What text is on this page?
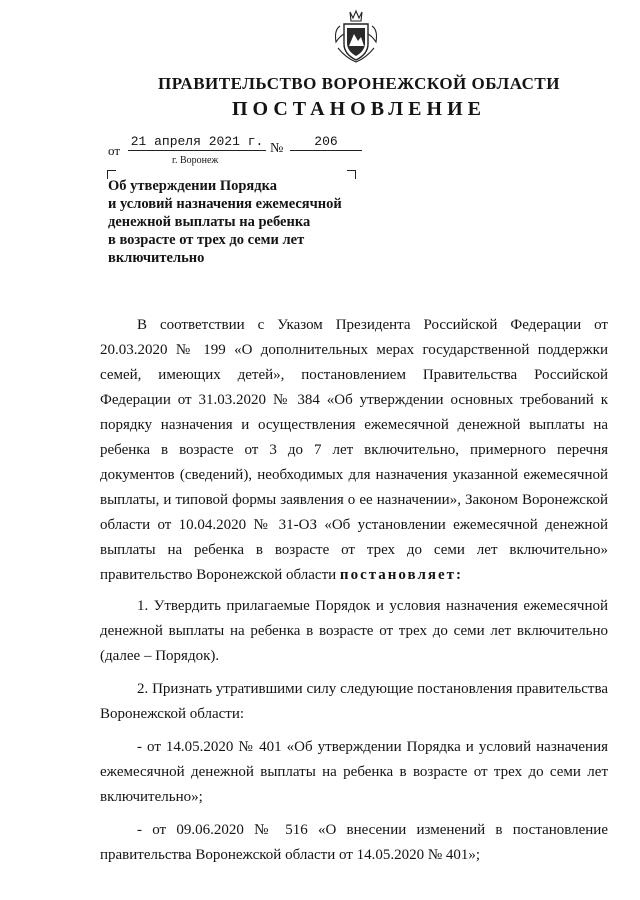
ПРАВИТЕЛЬСТВО ВОРОНЕЖСКОЙ ОБЛАСТИ
ПОСТАНОВЛЕНИЕ
от
21 апреля 2021 г. №	206
г. Воронеж
Об утверждении Порядка
и условий назначения ежемесячной
денежной выплаты на ребенка
в возрасте от трех до семи лет
включительно

В соответствии с Указом Президента Российской Федерации от 20.03.2020 № 199 «О дополнительных мерах государственной поддержки семей, имеющих детей», постановлением Правительства Российской Федерации от 31.03.2020 № 384 «Об утверждении основных требований к порядку назначения и осуществления ежемесячной денежной выплаты на ребенка в возрасте от 3 до 7 лет включительно, примерного перечня документов (сведений), необходимых для назначения указанной ежемесячной выплаты, и типовой формы заявления о ее назначении», Законом Воронежской области от 10.04.2020 № 31-ОЗ «Об установлении ежемесячной денежной выплаты на ребенка в возрасте от трех до семи лет включительно» правительство Воронежской области постановляет:

1. Утвердить прилагаемые Порядок и условия назначения ежемесячной денежной выплаты на ребенка в возрасте от трех до семи лет включительно (далее – Порядок).

2. Признать утратившими силу следующие постановления правительства Воронежской области:

- от 14.05.2020 № 401 «Об утверждении Порядка и условий назначения ежемесячной денежной выплаты на ребенка в возрасте от трех до семи лет включительно»;

- от 09.06.2020 № 516 «О внесении изменений в постановление правительства Воронежской области от 14.05.2020 № 401»;
